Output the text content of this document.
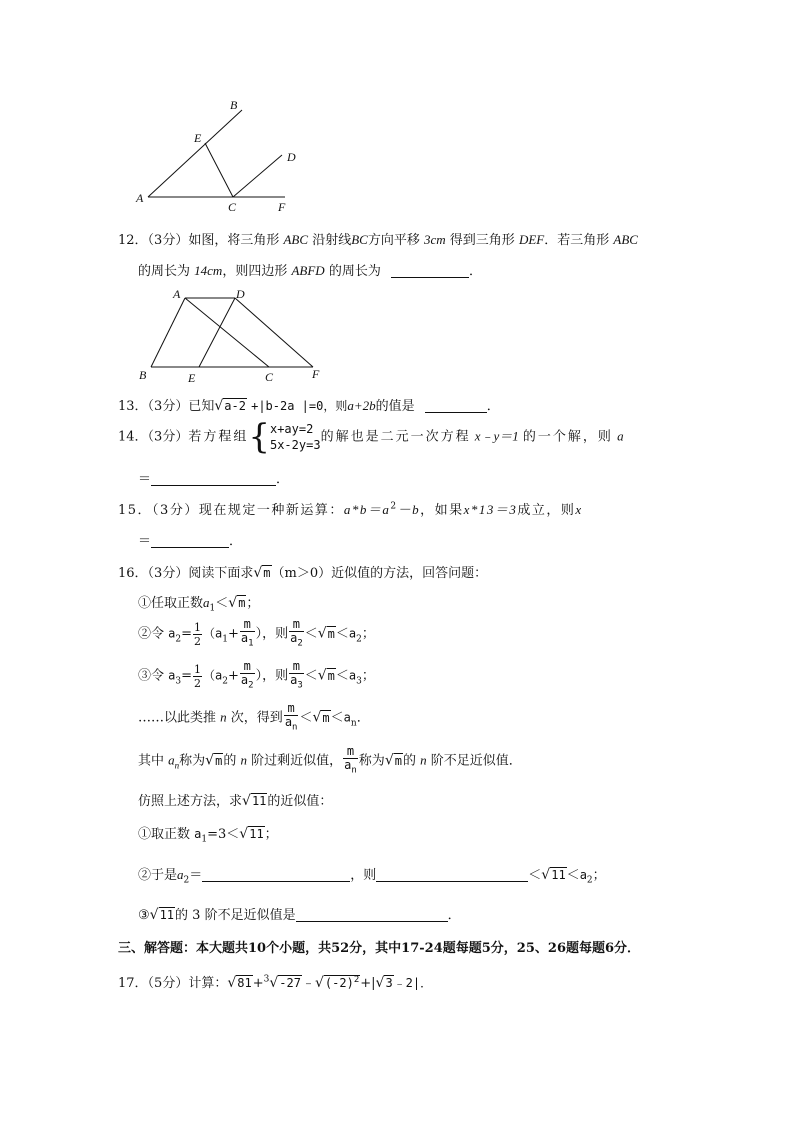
B
E
D
A
C	F
12．（3分）如图，将三角形 ABC 沿射线BC方向平移 3cm 得到三角形 DEF．若三角形 ABC
的周长为 14cm，则四边形 ABFD 的周长为	．
A	D
B	E	C	F
13．（3分）已知√a-2 +|b-2a |=0，则a+2b的值是	．
14．（3分）若方程组{ x+ay=2
5x-2y=3
的解也是二元一次方程 x﹣y＝1 的一个解，则 a
＝	．
15．（3分）现在规定一种新运算：$a*b=a^2-b$，如果x*13＝3成立，则x
＝	．
16．（3分）阅读下面求√m（m＞0）近似值的方法，回答问题：
①任取正数$a_1<√m$；
②令 $a_2= \frac{1}{2} (a_1+ \frac{m}{a_1}$ ），则 $\frac{m}{a_2} <√m<a_2$；
③令 $a_3= \frac{1}{2} (a_2+ \frac{m}{a_2}$ ），则 $\frac{m}{a_3} <√m<a_3$；
……以此类推 n 次，得到 $\frac{m}{a_n} <√m<a_n$．
其中 $a_n$称为√m的 n 阶过剩近似值， $\frac{m}{a_n}$ 称为√m的 n 阶不足近似值．
仿照上述方法，求√11的近似值：
①取正数 $a_1=3<√11$；
②于是$a_2=$	，则	$<√11<a_2$；
③√11的 3 阶不足近似值是	．
三、解答题：本大题共10个小题，共52分，其中17-24题每题5分，25、26题每题6分．
17．（5分）计算：$√81+^3√-27﹣√(-2)^2+|√3﹣2|$．
